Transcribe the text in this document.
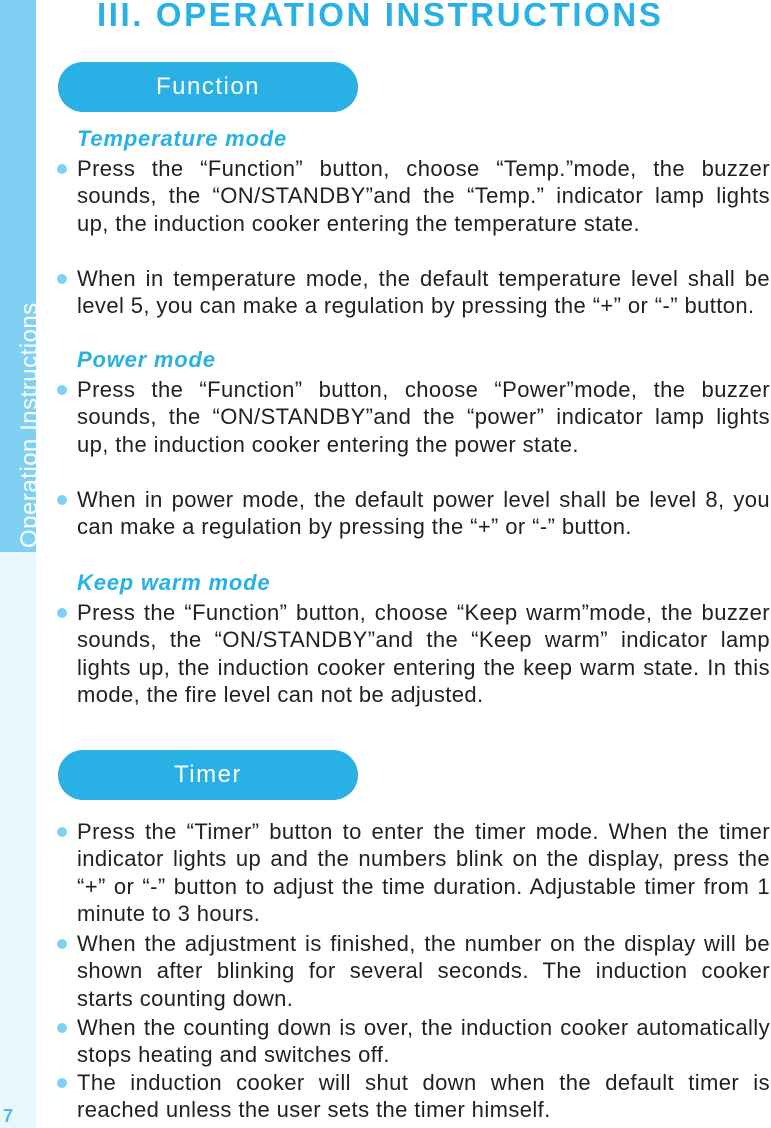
Operation Instructions
7
III. OPERATION INSTRUCTIONS
Function
Temperature mode
Press the “Function” button, choose “Temp.”mode, the buzzer sounds, the “ON/STANDBY”and the “Temp.” indicator lamp lights up, the induction cooker entering the temperature state.
When in temperature mode, the default temperature level shall be level 5, you can make a regulation by pressing the “+” or “-” button.
Power mode
Press the “Function” button, choose “Power”mode, the buzzer sounds, the “ON/STANDBY”and the “power” indicator lamp lights up, the induction cooker entering the power state.
When in power mode, the default power level shall be level 8, you can make a regulation by pressing the “+” or “-” button.
Keep warm mode
Press the “Function” button, choose “Keep warm”mode, the buzzer sounds, the “ON/STANDBY”and the “Keep warm” indicator lamp lights up, the induction cooker entering the keep warm state. In this mode, the fire level can not be adjusted.
Timer
Press the “Timer” button to enter the timer mode. When the timer indicator lights up and the numbers blink on the display, press the “+” or “-” button to adjust the time duration. Adjustable timer from 1 minute to 3 hours.
When the adjustment is finished, the number on the display will be shown after blinking for several seconds. The induction cooker starts counting down.
When the counting down is over, the induction cooker automatically stops heating and switches off.
The induction cooker will shut down when the default timer is reached unless the user sets the timer himself.
